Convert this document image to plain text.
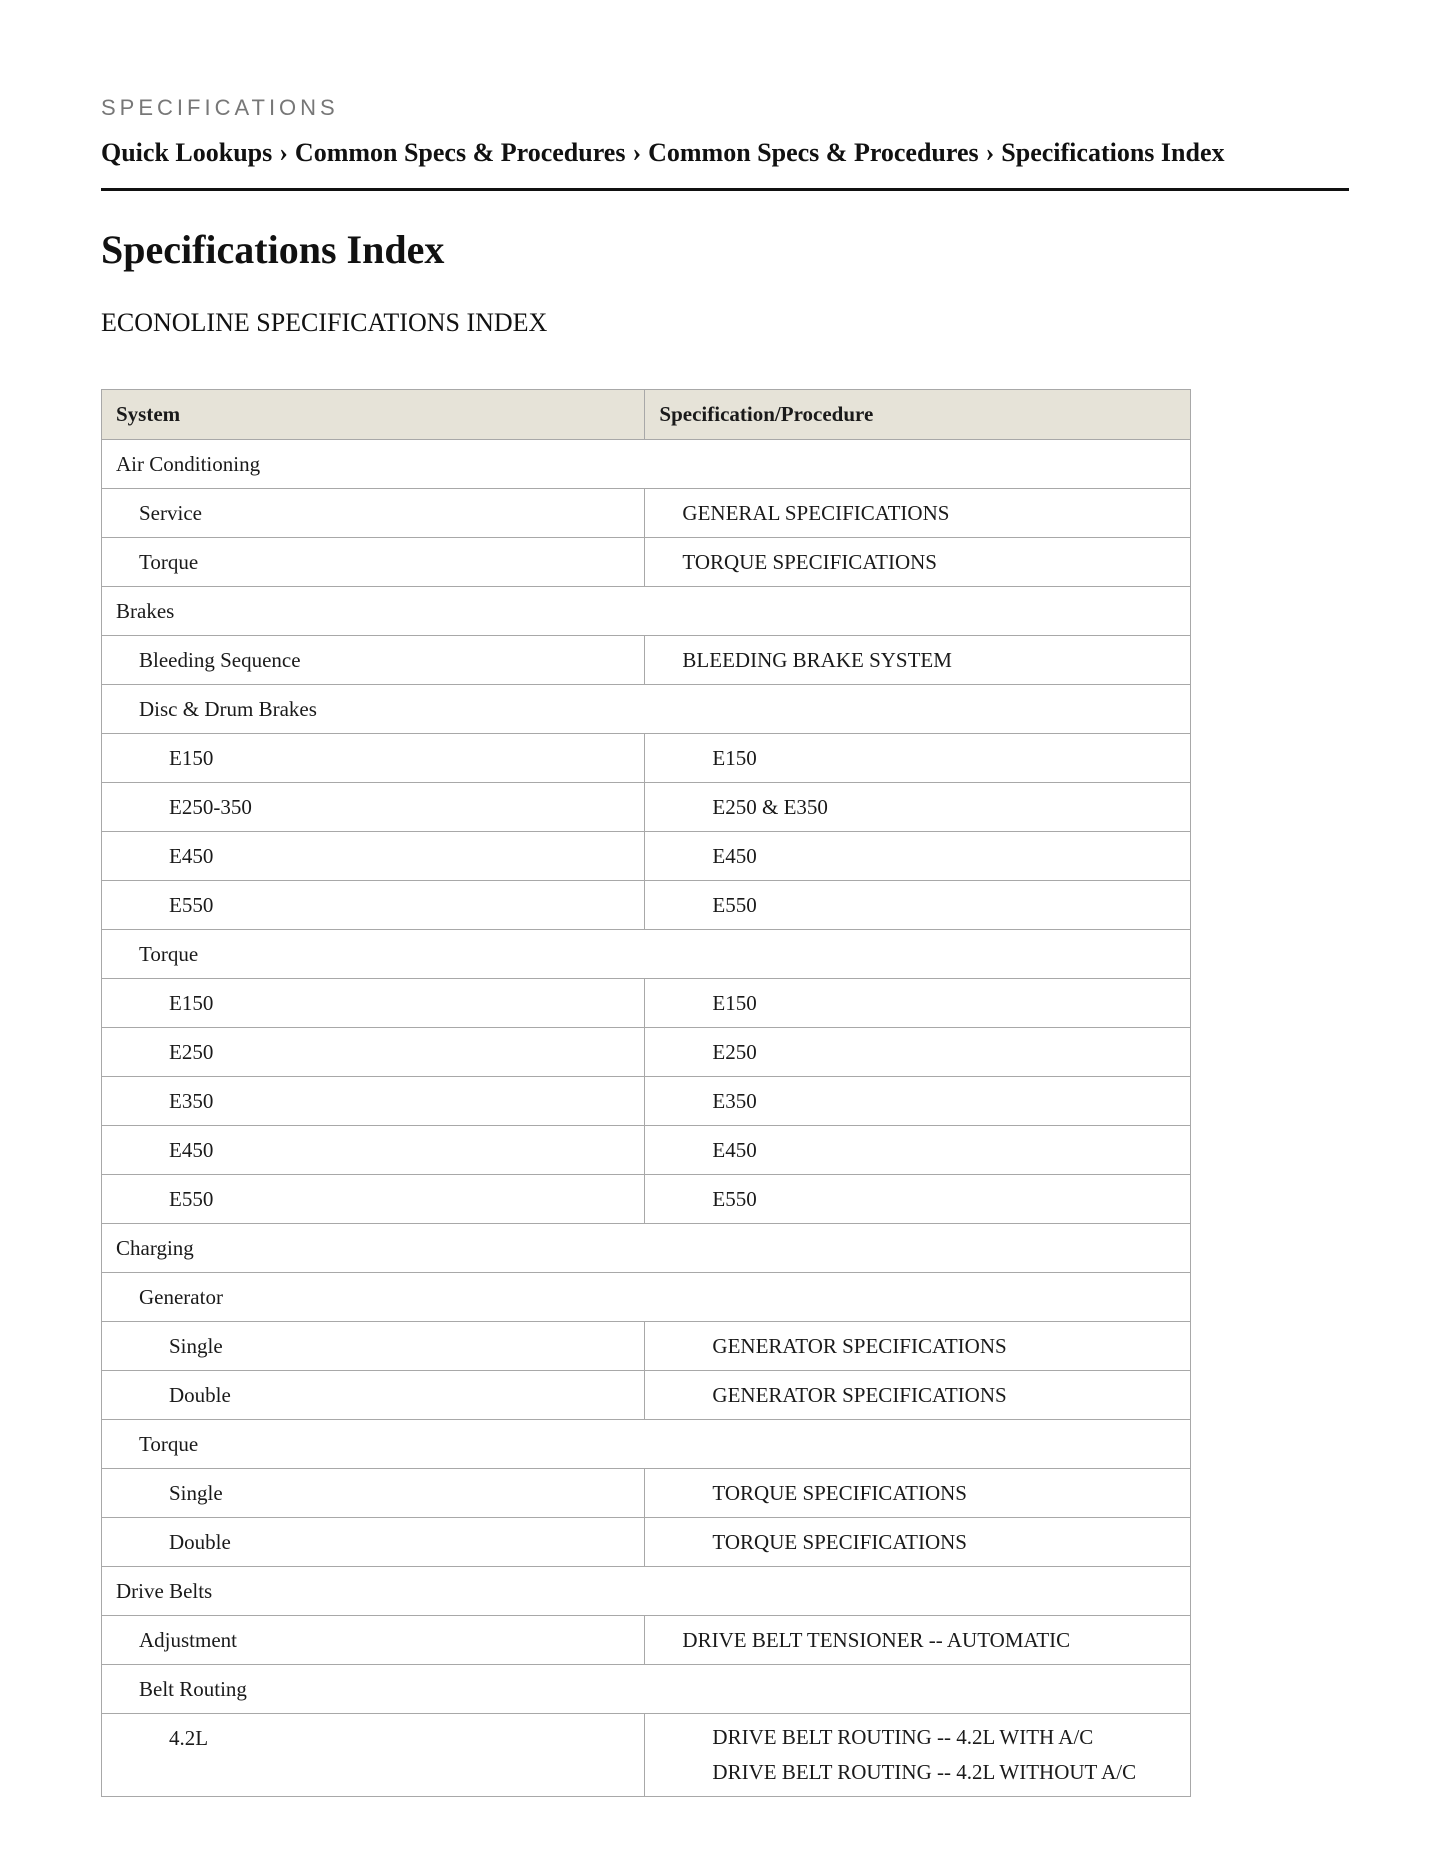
SPECIFICATIONS
Quick Lookups › Common Specs & Procedures › Common Specs & Procedures › Specifications Index
Specifications Index
ECONOLINE SPECIFICATIONS INDEX
System	Specification/Procedure
Air Conditioning	
Service	GENERAL SPECIFICATIONS

Torque	TORQUE SPECIFICATIONS

Brakes	
Bleeding Sequence	BLEEDING BRAKE SYSTEM

Disc & Drum Brakes	
E150	E150

E250-350	E250 & E350

E450	E450

E550	E550

Torque	
E150	E150

E250	E250

E350	E350

E450	E450

E550	E550

Charging	
Generator	
Single	GENERATOR SPECIFICATIONS

Double	GENERATOR SPECIFICATIONS

Torque	
Single	TORQUE SPECIFICATIONS

Double	TORQUE SPECIFICATIONS

Drive Belts	
Adjustment	DRIVE BELT TENSIONER -- AUTOMATIC

Belt Routing	
4.2L	DRIVE BELT ROUTING -- 4.2L WITH A/C
DRIVE BELT ROUTING -- 4.2L WITHOUT A/C
